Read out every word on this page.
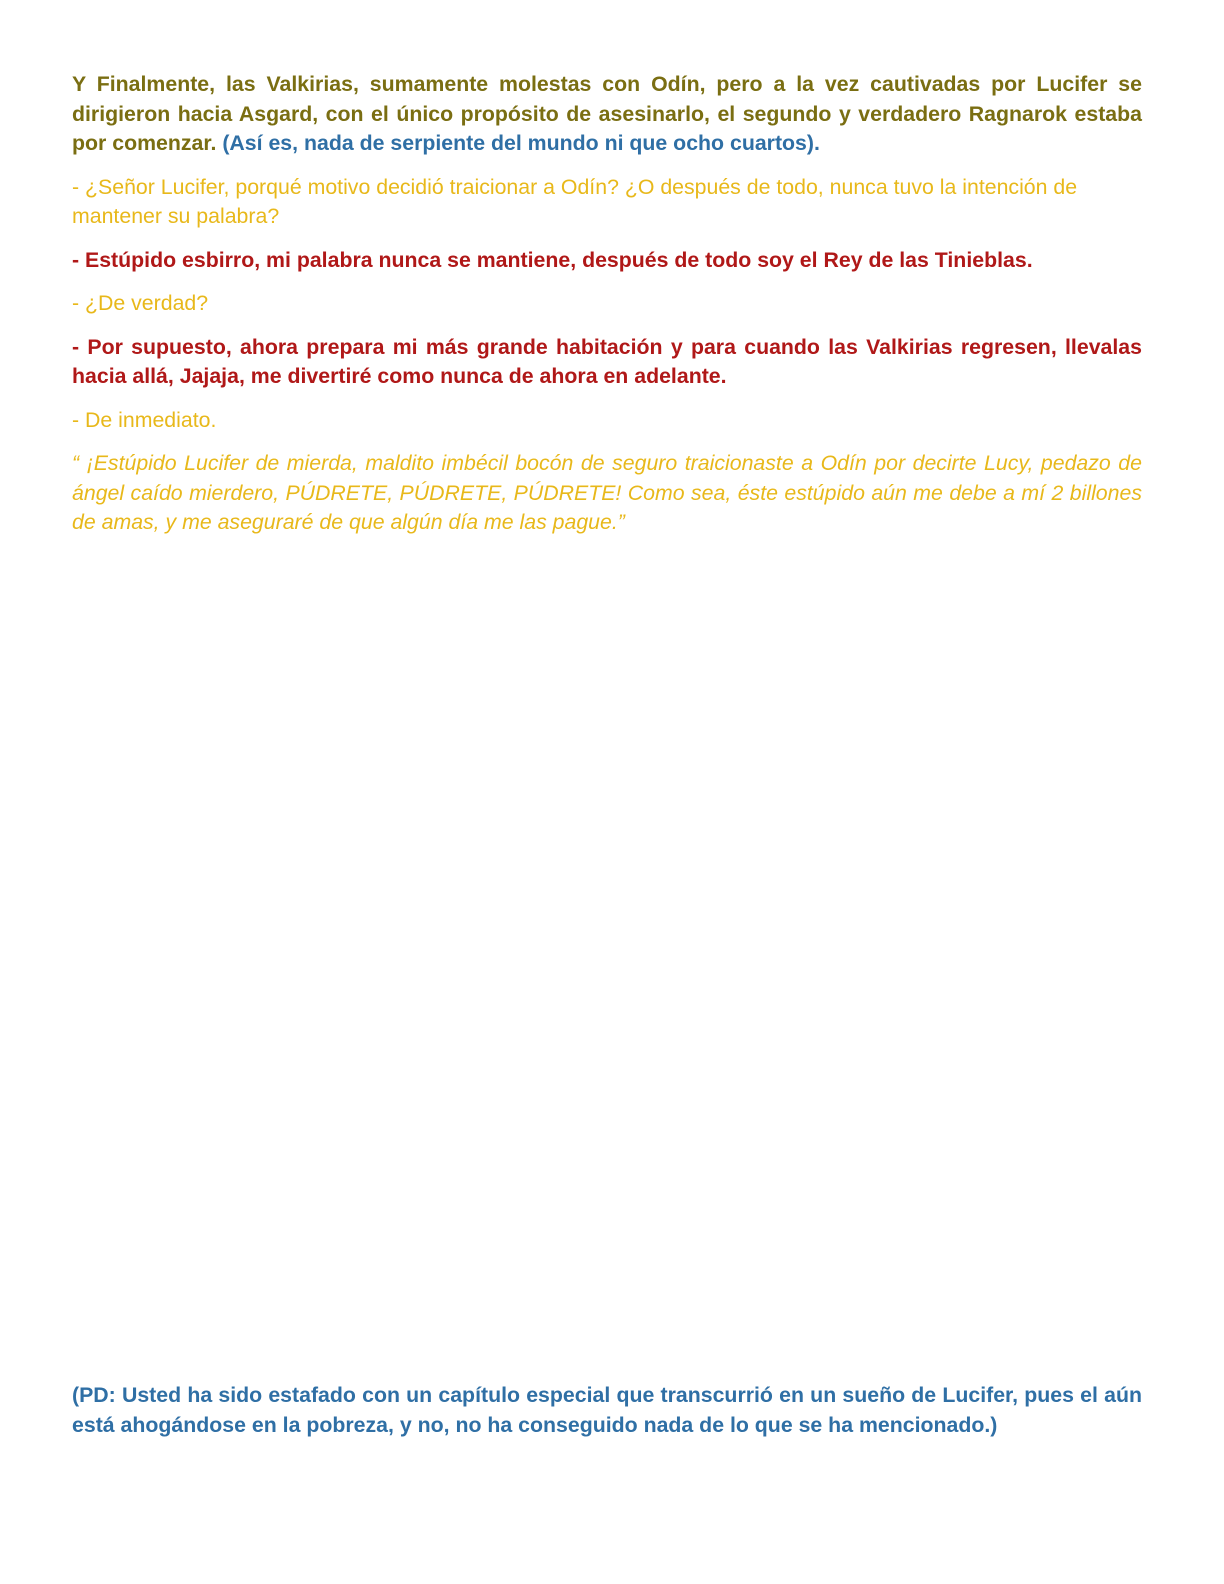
Y Finalmente, las Valkirias, sumamente molestas con Odín, pero a la vez cautivadas por Lucifer se dirigieron hacia Asgard, con el único propósito de asesinarlo, el segundo y verdadero Ragnarok estaba por comenzar. (Así es, nada de serpiente del mundo ni que ocho cuartos).

- ¿Señor Lucifer, porqué motivo decidió traicionar a Odín? ¿O después de todo, nunca tuvo la intención de mantener su palabra?

- Estúpido esbirro, mi palabra nunca se mantiene, después de todo soy el Rey de las Tinieblas.

- ¿De verdad?

- Por supuesto, ahora prepara mi más grande habitación y para cuando las Valkirias regresen, llevalas hacia allá, Jajaja, me divertiré como nunca de ahora en adelante.

- De inmediato.

“ ¡Estúpido Lucifer de mierda, maldito imbécil bocón de seguro traicionaste a Odín por decirte Lucy, pedazo de ángel caído mierdero, PÚDRETE, PÚDRETE, PÚDRETE! Como sea, éste estúpido aún me debe a mí 2 billones de amas, y me aseguraré de que algún día me las pague.”

(PD: Usted ha sido estafado con un capítulo especial que transcurrió en un sueño de Lucifer, pues el aún está ahogándose en la pobreza, y no, no ha conseguido nada de lo que se ha mencionado.)
